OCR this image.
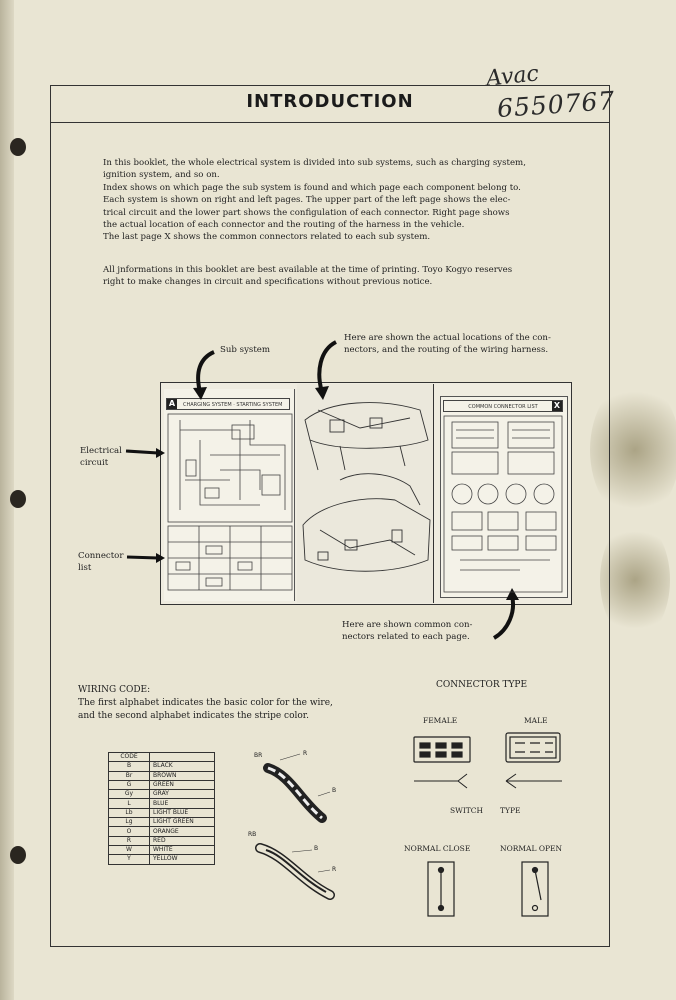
Avac
6550767
INTRODUCTION
In this booklet, the whole electrical system is divided into sub systems, such as charging system,
ignition system, and so on.
Index shows on which page the sub system is found and which page each component belong to.
Each system is shown on right and left pages. The upper part of the left page shows the elec-
trical circuit and the lower part shows the configulation of each connector. Right page shows
the actual location of each connector and the routing of the harness in the vehicle.
The last page X shows the common connectors related to each sub system.
All jnformations in this booklet are best available at the time of printing. Toyo Kogyo reserves
right to make changes in circuit and specifications without previous notice.
Sub system
Here are shown the actual locations of the con-
nectors, and the routing of the wiring harness.
Electrical
circuit
Connector
list
Here are shown common con-
nectors related to each page.
A CHARGING SYSTEM · STARTING SYSTEM	COMMON CONNECTOR LIST X
WIRING CODE:
The first alphabet indicates the basic color for the wire,
and the second alphabet indicates the stripe color.
CODE	
B	BLACK
Br	BROWN
G	GREEN
Gy	GRAY
L	BLUE
Lb	LIGHT BLUE
Lg	LIGHT GREEN
O	ORANGE
R	RED
W	WHITE
Y	YELLOW
BR	R
B
RB
B
R
CONNECTOR TYPE
FEMALE	MALE
SWITCH TYPE
NORMAL CLOSE	NORMAL OPEN
